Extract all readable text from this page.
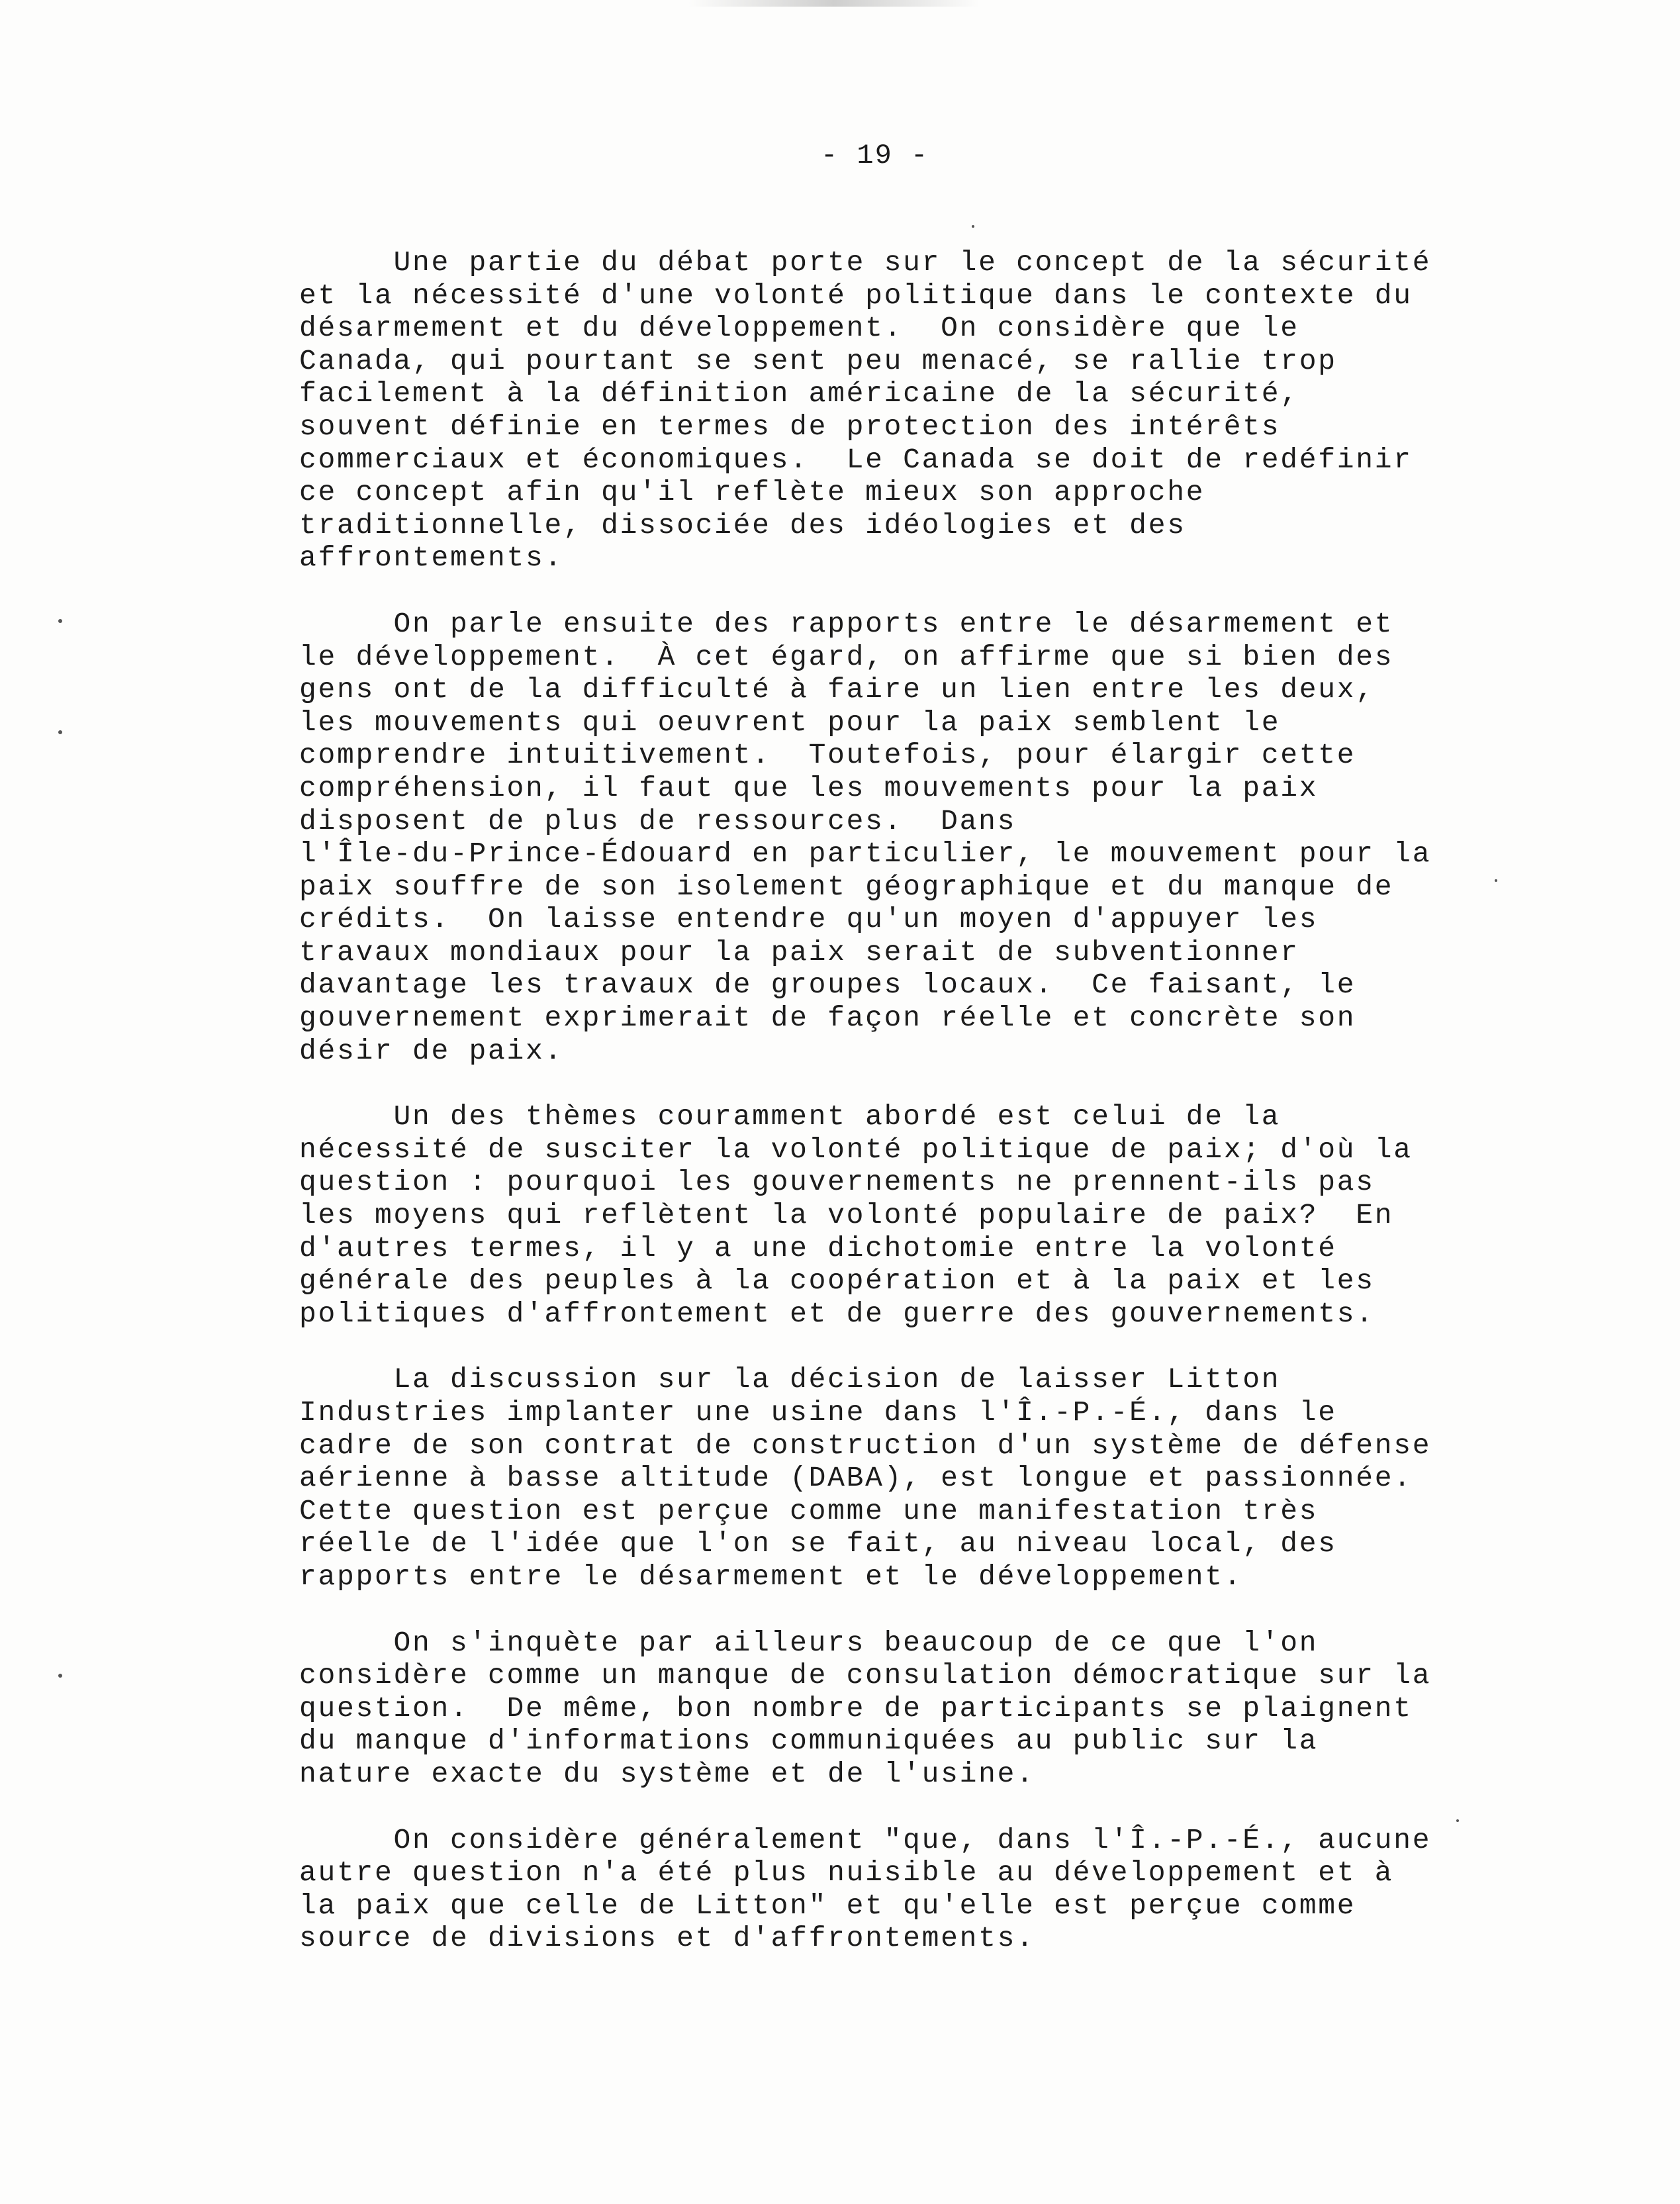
- 19 -
Une partie du débat porte sur le concept de la sécurité
et la nécessité d'une volonté politique dans le contexte du
désarmement et du développement.  On considère que le
Canada, qui pourtant se sent peu menacé, se rallie trop
facilement à la définition américaine de la sécurité,
souvent définie en termes de protection des intérêts
commerciaux et économiques.  Le Canada se doit de redéfinir
ce concept afin qu'il reflète mieux son approche
traditionnelle, dissociée des idéologies et des
affrontements.
On parle ensuite des rapports entre le désarmement et
le développement.  À cet égard, on affirme que si bien des
gens ont de la difficulté à faire un lien entre les deux,
les mouvements qui oeuvrent pour la paix semblent le
comprendre intuitivement.  Toutefois, pour élargir cette
compréhension, il faut que les mouvements pour la paix
disposent de plus de ressources.  Dans
l'Île-du-Prince-Édouard en particulier, le mouvement pour la
paix souffre de son isolement géographique et du manque de
crédits.  On laisse entendre qu'un moyen d'appuyer les
travaux mondiaux pour la paix serait de subventionner
davantage les travaux de groupes locaux.  Ce faisant, le
gouvernement exprimerait de façon réelle et concrète son
désir de paix.
Un des thèmes couramment abordé est celui de la
nécessité de susciter la volonté politique de paix; d'où la
question : pourquoi les gouvernements ne prennent-ils pas
les moyens qui reflètent la volonté populaire de paix?  En
d'autres termes, il y a une dichotomie entre la volonté
générale des peuples à la coopération et à la paix et les
politiques d'affrontement et de guerre des gouvernements.
La discussion sur la décision de laisser Litton
Industries implanter une usine dans l'Î.-P.-É., dans le
cadre de son contrat de construction d'un système de défense
aérienne à basse altitude (DABA), est longue et passionnée.
Cette question est perçue comme une manifestation très
réelle de l'idée que l'on se fait, au niveau local, des
rapports entre le désarmement et le développement.
On s'inquète par ailleurs beaucoup de ce que l'on
considère comme un manque de consulation démocratique sur la
question.  De même, bon nombre de participants se plaignent
du manque d'informations communiquées au public sur la
nature exacte du système et de l'usine.
On considère généralement "que, dans l'Î.-P.-É., aucune
autre question n'a été plus nuisible au développement et à
la paix que celle de Litton" et qu'elle est perçue comme
source de divisions et d'affrontements.
